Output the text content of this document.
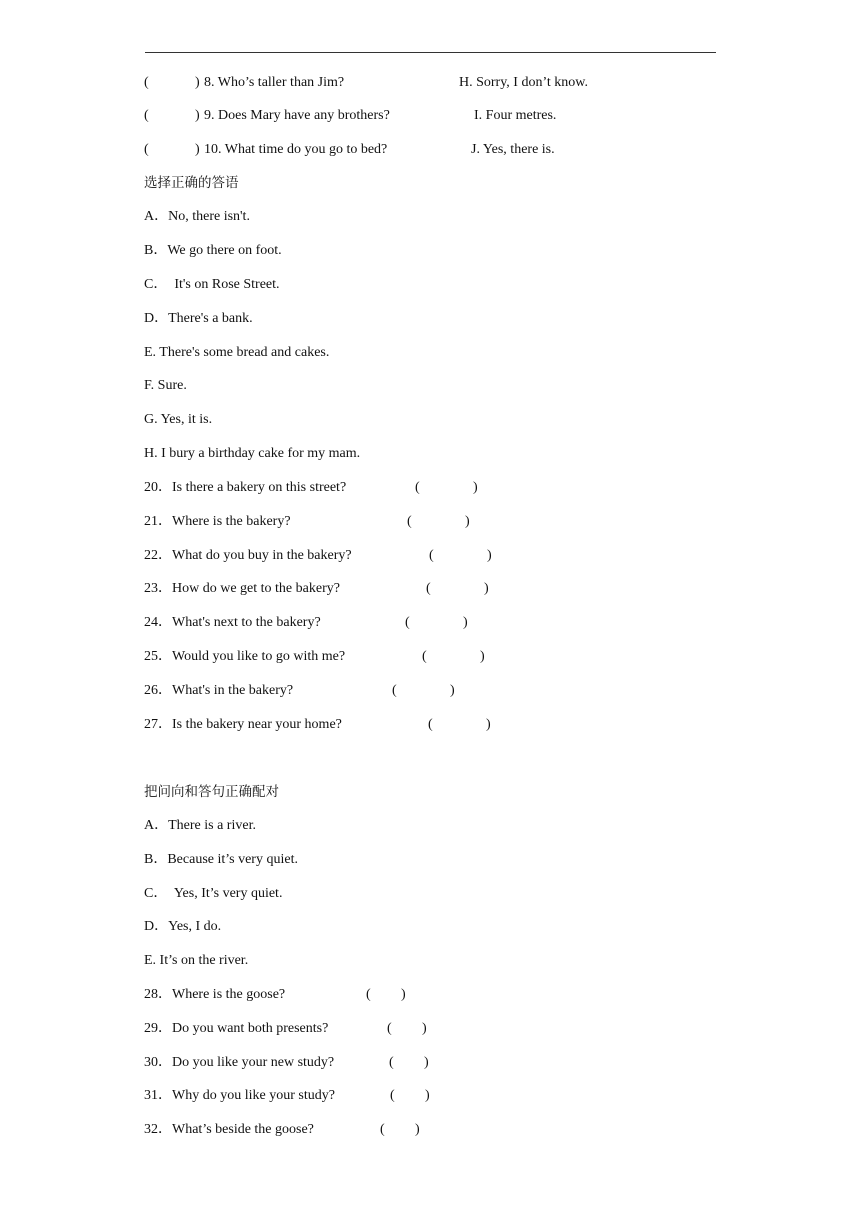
(	) 8. Who’s taller than Jim?	H. Sorry, I don’t know.
(	) 9. Does Mary have any brothers?	I. Four metres.
(	) 10. What time do you go to bed?	J. Yes, there is.
选择正确的答语
A．No, there isn't.
B．We go there on foot.
C．  It's on Rose Street.
D．There's a bank.
E. There's some bread and cakes.
F. Sure.
G. Yes, it is.
H. I bury a birthday cake for my mam.
20．Is there a bakery on this street?	(	)
21．Where is the bakery?	(	)
22．What do you buy in the bakery?	(	)
23．How do we get to the bakery?	(	)
24．What's next to the bakery?	(	)
25．Would you like to go with me?	(	)
26．What's in the bakery?	(	)
27．Is the bakery near your home?	(	)
把问向和答句正确配对
A．There is a river.
B．Because it’s very quiet.
C．  Yes, It’s very quiet.
D．Yes, I do.
E. It’s on the river.
28．Where is the goose?	( )
29．Do you want both presents?	( )
30．Do you like your new study?	( )
31．Why do you like your study?	( )
32．What’s beside the goose?	( )
